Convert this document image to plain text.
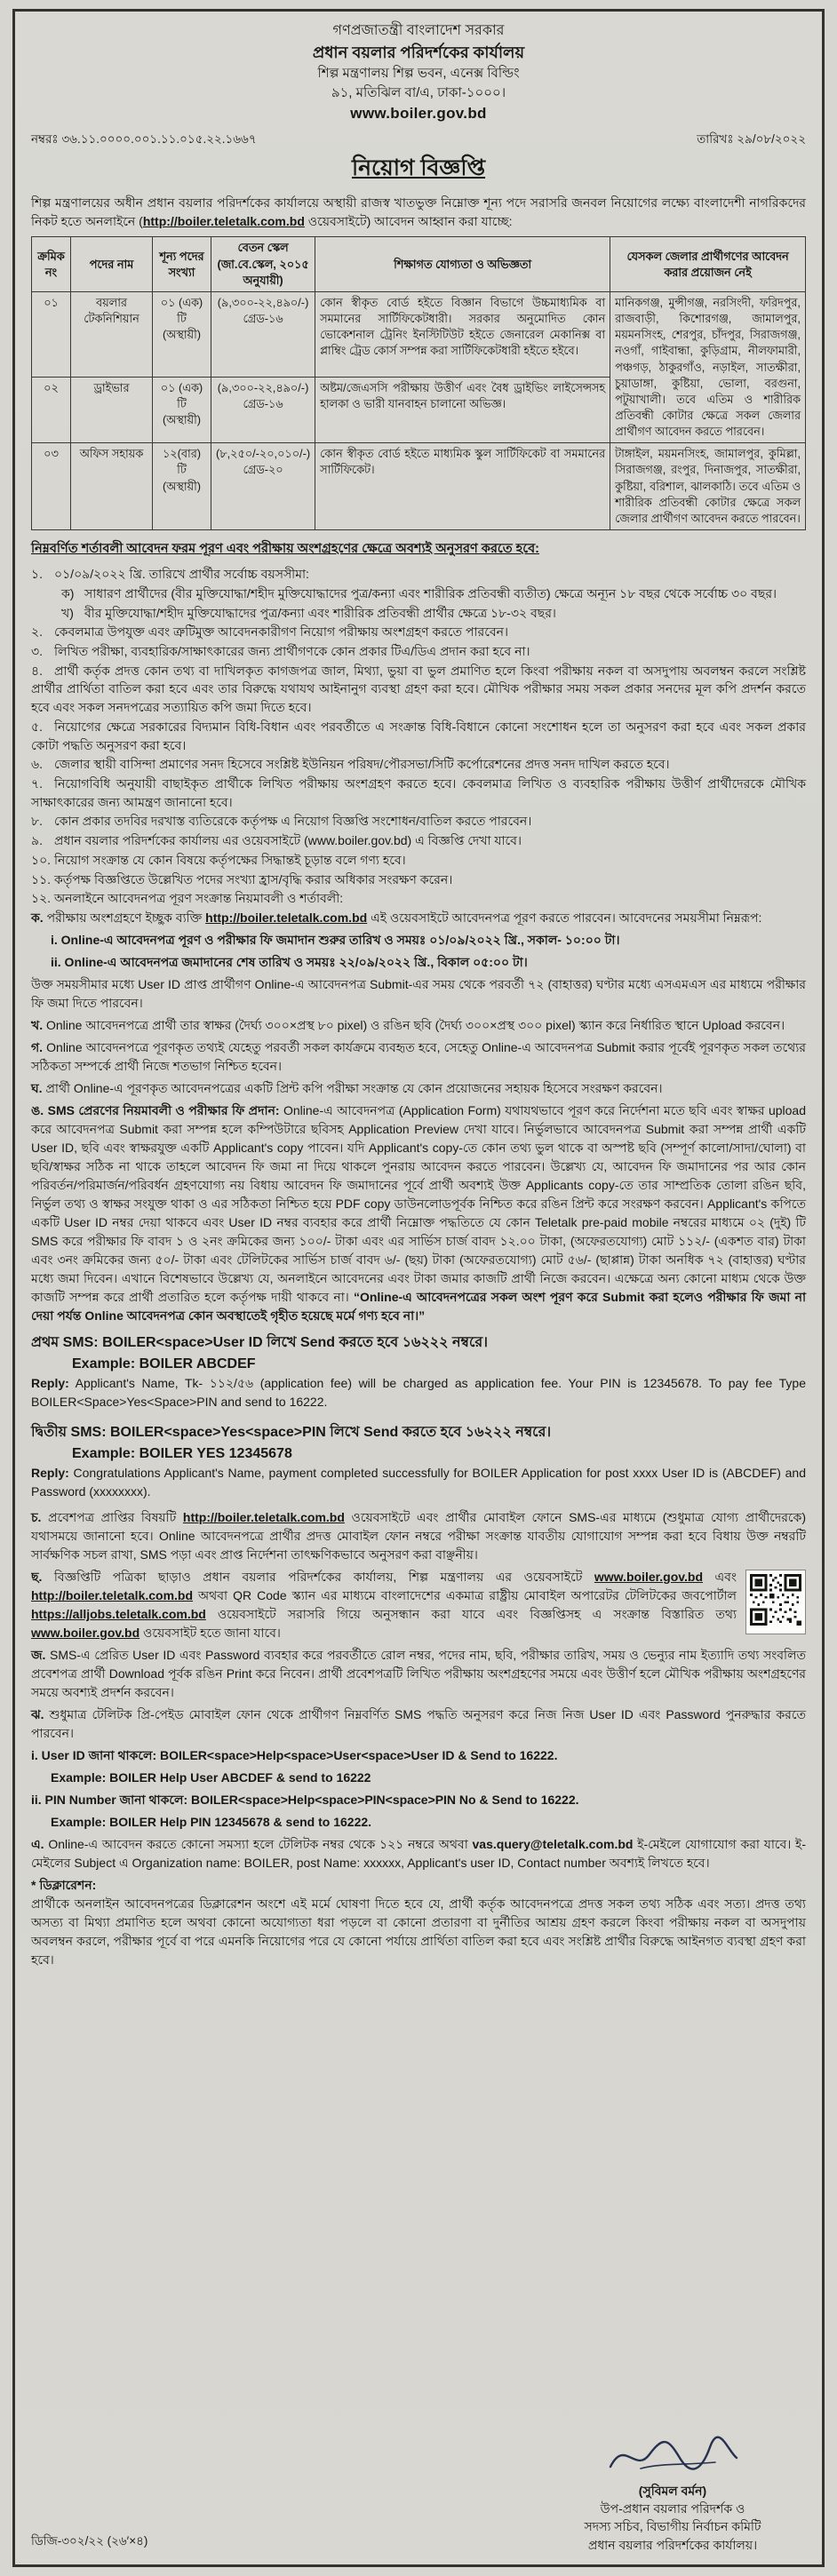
গণপ্রজাতন্ত্রী বাংলাদেশ সরকার
প্রধান বয়লার পরিদর্শকের কার্যালয়
শিল্প মন্ত্রণালয় শিল্প ভবন, এনেক্স বিল্ডিং
৯১, মতিঝিল বা/এ, ঢাকা-১০০০।
www.boiler.gov.bd
নম্বরঃ ৩৬.১১.০০০০.০০১.১১.০১৫.২২.১৬৬৭	তারিখঃ ২৯/০৮/২০২২
নিয়োগ বিজ্ঞপ্তি

শিল্প মন্ত্রণালয়ের অধীন প্রধান বয়লার পরিদর্শকের কার্যালয়ে অস্থায়ী রাজস্ব খাতভুক্ত নিম্নোক্ত শূন্য পদে সরাসরি জনবল নিয়োগের লক্ষ্যে বাংলাদেশী নাগরিকদের নিকট হতে অনলাইনে (http://boiler.teletalk.com.bd ওয়েবসাইটে) আবেদন আহ্বান করা যাচ্ছে:

ক্রমিক নং	পদের নাম	শূন্য পদের সংখ্যা	বেতন স্কেল (জা.বে.স্কেল, ২০১৫ অনুযায়ী)	শিক্ষাগত যোগ্যতা ও অভিজ্ঞতা	যেসকল জেলার প্রার্থীগণের আবেদন করার প্রয়োজন নেই
০১	বয়লার টেকনিশিয়ান	০১ (এক) টি (অস্থায়ী)	(৯,৩০০-২২,৪৯০/-) গ্রেড-১৬	কোন স্বীকৃত বোর্ড হইতে বিজ্ঞান বিভাগে উচ্চমাধ্যমিক বা সমমানের সার্টিফিকেটধারী। সরকার অনুমোদিত কোন ভোকেশনাল ট্রেনিং ইনস্টিটিউট হইতে জেনারেল মেকানিক্স বা প্লাম্বিং ট্রেড কোর্স সম্পন্ন করা সার্টিফিকেটধারী হইতে হইবে।	মানিকগঞ্জ, মুন্সীগঞ্জ, নরসিংদী, ফরিদপুর, রাজবাড়ী, কিশোরগঞ্জ, জামালপুর, ময়মনসিংহ, শেরপুর, চাঁদপুর, সিরাজগঞ্জ, নওগাঁ, গাইবান্ধা, কুড়িগ্রাম, নীলফামারী, পঞ্চগড়, ঠাকুরগাঁও, নড়াইল, সাতক্ষীরা, চুয়াডাঙ্গা, কুষ্টিয়া, ভোলা, বরগুনা, পটুয়াখালী। তবে এতিম ও শারীরিক প্রতিবন্ধী কোটার ক্ষেত্রে সকল জেলার প্রার্থীগণ আবেদন করতে পারবেন।
০২	ড্রাইভার	০১ (এক) টি (অস্থায়ী)	(৯,৩০০-২২,৪৯০/-) গ্রেড-১৬	অষ্টম/জেএসসি পরীক্ষায় উত্তীর্ণ এবং বৈধ ড্রাইভিং লাইসেন্সসহ হালকা ও ভারী যানবাহন চালানো অভিজ্ঞ।	
০৩	অফিস সহায়ক	১২(বার) টি (অস্থায়ী)	(৮,২৫০/-২০,০১০/-) গ্রেড-২০	কোন স্বীকৃত বোর্ড হইতে মাধ্যমিক স্কুল সার্টিফিকেট বা সমমানের সার্টিফিকেট।	টাঙ্গাইল, ময়মনসিংহ, জামালপুর, কুমিল্লা, সিরাজগঞ্জ, রংপুর, দিনাজপুর, সাতক্ষীরা, কুষ্টিয়া, বরিশাল, ঝালকাঠি। তবে এতিম ও শারীরিক প্রতিবন্ধী কোটার ক্ষেত্রে সকল জেলার প্রার্থীগণ আবেদন করতে পারবেন।
নিম্নবর্ণিত শর্তাবলী আবেদন ফরম পূরণ এবং পরীক্ষায় অংশগ্রহণের ক্ষেত্রে অবশ্যই অনুসরণ করতে হবে:
১. ০১/০৯/২০২২ খ্রি. তারিখে প্রার্থীর সর্বোচ্চ বয়সসীমা:
ক) সাধারণ প্রার্থীদের (বীর মুক্তিযোদ্ধা/শহীদ মুক্তিযোদ্ধাদের পুত্র/কন্যা এবং শারীরিক প্রতিবন্ধী ব্যতীত) ক্ষেত্রে অন্যূন ১৮ বছর থেকে সর্বোচ্চ ৩০ বছর।
খ) বীর মুক্তিযোদ্ধা/শহীদ মুক্তিযোদ্ধাদের পুত্র/কন্যা এবং শারীরিক প্রতিবন্ধী প্রার্থীর ক্ষেত্রে ১৮-৩২ বছর।
২. কেবলমাত্র উপযুক্ত এবং ত্রুটিমুক্ত আবেদনকারীগণ নিয়োগ পরীক্ষায় অংশগ্রহণ করতে পারবেন।
৩. লিখিত পরীক্ষা, ব্যবহারিক/সাক্ষাৎকারের জন্য প্রার্থীগণকে কোন প্রকার টিএ/ডিএ প্রদান করা হবে না।
৪. প্রার্থী কর্তৃক প্রদত্ত কোন তথ্য বা দাখিলকৃত কাগজপত্র জাল, মিথ্যা, ভুয়া বা ভুল প্রমাণিত হলে কিংবা পরীক্ষায় নকল বা অসদুপায় অবলম্বন করলে সংশ্লিষ্ট প্রার্থীর প্রার্থিতা বাতিল করা হবে এবং তার বিরুদ্ধে যথাযথ আইনানুগ ব্যবস্থা গ্রহণ করা হবে। মৌখিক পরীক্ষার সময় সকল প্রকার সনদের মূল কপি প্রদর্শন করতে হবে এবং সকল সনদপত্রের সত্যায়িত কপি জমা দিতে হবে।
৫. নিয়োগের ক্ষেত্রে সরকারের বিদ্যমান বিধি-বিধান এবং পরবর্তীতে এ সংক্রান্ত বিধি-বিধানে কোনো সংশোধন হলে তা অনুসরণ করা হবে এবং সকল প্রকার কোটা পদ্ধতি অনুসরণ করা হবে।
৬. জেলার স্থায়ী বাসিন্দা প্রমাণের সনদ হিসেবে সংশ্লিষ্ট ইউনিয়ন পরিষদ/পৌরসভা/সিটি কর্পোরেশনের প্রদত্ত সনদ দাখিল করতে হবে।
৭. নিয়োগবিধি অনুযায়ী বাছাইকৃত প্রার্থীকে লিখিত পরীক্ষায় অংশগ্রহণ করতে হবে। কেবলমাত্র লিখিত ও ব্যবহারিক পরীক্ষায় উত্তীর্ণ প্রার্থীদেরকে মৌখিক সাক্ষাৎকারের জন্য আমন্ত্রণ জানানো হবে।
৮. কোন প্রকার তদবির দরখাস্ত ব্যতিরেকে কর্তৃপক্ষ এ নিয়োগ বিজ্ঞপ্তি সংশোধন/বাতিল করতে পারবেন।
৯. প্রধান বয়লার পরিদর্শকের কার্যালয় এর ওয়েবসাইটে (www.boiler.gov.bd) এ বিজ্ঞপ্তি দেখা যাবে।
১০. নিয়োগ সংক্রান্ত যে কোন বিষয়ে কর্তৃপক্ষের সিদ্ধান্তই চূড়ান্ত বলে গণ্য হবে।
১১. কর্তৃপক্ষ বিজ্ঞপ্তিতে উল্লেখিত পদের সংখ্যা হ্রাস/বৃদ্ধি করার অধিকার সংরক্ষণ করেন।
১২. অনলাইনে আবেদনপত্র পূরণ সংক্রান্ত নিয়মাবলী ও শর্তাবলী:

ক. পরীক্ষায় অংশগ্রহণে ইচ্ছুক ব্যক্তি http://boiler.teletalk.com.bd এই ওয়েবসাইটে আবেদনপত্র পূরণ করতে পারবেন। আবেদনের সময়সীমা নিম্নরূপ:

i. Online-এ আবেদনপত্র পূরণ ও পরীক্ষার ফি জমাদান শুরুর তারিখ ও সময়ঃ ০১/০৯/২০২২ খ্রি., সকাল- ১০:০০ টা।

ii. Online-এ আবেদনপত্র জমাদানের শেষ তারিখ ও সময়ঃ ২২/০৯/২০২২ খ্রি., বিকাল ০৫:০০ টা।

উক্ত সময়সীমার মধ্যে User ID প্রাপ্ত প্রার্থীগণ Online-এ আবেদনপত্র Submit-এর সময় থেকে পরবর্তী ৭২ (বাহাত্তর) ঘণ্টার মধ্যে এসএমএস এর মাধ্যমে পরীক্ষার ফি জমা দিতে পারবেন।

খ. Online আবেদনপত্রে প্রার্থী তার স্বাক্ষর (দৈর্ঘ্য ৩০০×প্রস্থ ৮০ pixel) ও রঙিন ছবি (দৈর্ঘ্য ৩০০×প্রস্থ ৩০০ pixel) স্ক্যান করে নির্ধারিত স্থানে Upload করবেন।

গ. Online আবেদনপত্রে পূরণকৃত তথ্যই যেহেতু পরবর্তী সকল কার্যক্রমে ব্যবহৃত হবে, সেহেতু Online-এ আবেদনপত্র Submit করার পূর্বেই পূরণকৃত সকল তথ্যের সঠিকতা সম্পর্কে প্রার্থী নিজে শতভাগ নিশ্চিত হবেন।

ঘ. প্রার্থী Online-এ পূরণকৃত আবেদনপত্রের একটি প্রিন্ট কপি পরীক্ষা সংক্রান্ত যে কোন প্রয়োজনের সহায়ক হিসেবে সংরক্ষণ করবেন।

ঙ. SMS প্রেরণের নিয়মাবলী ও পরীক্ষার ফি প্রদান: Online-এ আবেদনপত্র (Application Form) যথাযথভাবে পূরণ করে নির্দেশনা মতে ছবি এবং স্বাক্ষর upload করে আবেদনপত্র Submit করা সম্পন্ন হলে কম্পিউটারে ছবিসহ Application Preview দেখা যাবে। নির্ভুলভাবে আবেদনপত্র Submit করা সম্পন্ন প্রার্থী একটি User ID, ছবি এবং স্বাক্ষরযুক্ত একটি Applicant's copy পাবেন। যদি Applicant's copy-তে কোন তথ্য ভুল থাকে বা অস্পষ্ট ছবি (সম্পূর্ণ কালো/সাদা/ঘোলা) বা ছবি/স্বাক্ষর সঠিক না থাকে তাহলে আবেদন ফি জমা না দিয়ে থাকলে পুনরায় আবেদন করতে পারবেন। উল্লেখ্য যে, আবেদন ফি জমাদানের পর আর কোন পরিবর্তন/পরিমার্জন/পরিবর্ধন গ্রহণযোগ্য নয় বিধায় আবেদন ফি জমাদানের পূর্বে প্রার্থী অবশ্যই উক্ত Applicants copy-তে তার সাম্প্রতিক তোলা রঙিন ছবি, নির্ভুল তথ্য ও স্বাক্ষর সংযুক্ত থাকা ও এর সঠিকতা নিশ্চিত হয়ে PDF copy ডাউনলোডপূর্বক নিশ্চিত করে রঙিন প্রিন্ট করে সংরক্ষণ করবেন। Applicant's কপিতে একটি User ID নম্বর দেয়া থাকবে এবং User ID নম্বর ব্যবহার করে প্রার্থী নিম্নোক্ত পদ্ধতিতে যে কোন Teletalk pre-paid mobile নম্বরের মাধ্যমে ০২ (দুই) টি SMS করে পরীক্ষার ফি বাবদ ১ ও ২নং ক্রমিকের জন্য ১০০/- টাকা এবং এর সার্ভিস চার্জ বাবদ ১২.০০ টাকা, (অফেরতযোগ্য) মোট ১১২/- (একশত বার) টাকা এবং ৩নং ক্রমিকের জন্য ৫০/- টাকা এবং টেলিটকের সার্ভিস চার্জ বাবদ ৬/- (ছয়) টাকা (অফেরতযোগ্য) মোট ৫৬/- (ছাপ্পান্ন) টাকা অনধিক ৭২ (বাহাত্তর) ঘণ্টার মধ্যে জমা দিবেন। এখানে বিশেষভাবে উল্লেখ্য যে, অনলাইনে আবেদনের এবং টাকা জমার কাজটি প্রার্থী নিজে করবেন। এক্ষেত্রে অন্য কোনো মাধ্যম থেকে উক্ত কাজটি সম্পন্ন করে প্রার্থী প্রতারিত হলে কর্তৃপক্ষ দায়ী থাকবে না। “Online-এ আবেদনপত্রের সকল অংশ পূরণ করে Submit করা হলেও পরীক্ষার ফি জমা না দেয়া পর্যন্ত Online আবেদনপত্র কোন অবস্থাতেই গৃহীত হয়েছে মর্মে গণ্য হবে না।”

প্রথম SMS: BOILER<space>User ID লিখে Send করতে হবে ১৬২২২ নম্বরে।
Example: BOILER ABCDEF

Reply: Applicant's Name, Tk- ১১২/৫৬ (application fee) will be charged as application fee. Your PIN is 12345678. To pay fee Type BOILER<Space>Yes<Space>PIN and send to 16222.

দ্বিতীয় SMS: BOILER<space>Yes<space>PIN লিখে Send করতে হবে ১৬২২২ নম্বরে।
Example: BOILER YES 12345678

Reply: Congratulations Applicant's Name, payment completed successfully for BOILER Application for post xxxx User ID is (ABCDEF) and Password (xxxxxxxx).

চ. প্রবেশপত্র প্রাপ্তির বিষয়টি http://boiler.teletalk.com.bd ওয়েবসাইটে এবং প্রার্থীর মোবাইল ফোনে SMS-এর মাধ্যমে (শুধুমাত্র যোগ্য প্রার্থীদেরকে) যথাসময়ে জানানো হবে। Online আবেদনপত্রে প্রার্থীর প্রদত্ত মোবাইল ফোন নম্বরে পরীক্ষা সংক্রান্ত যাবতীয় যোগাযোগ সম্পন্ন করা হবে বিধায় উক্ত নম্বরটি সার্বক্ষণিক সচল রাখা, SMS পড়া এবং প্রাপ্ত নির্দেশনা তাৎক্ষণিকভাবে অনুসরণ করা বাঞ্ছনীয়।

ছ. বিজ্ঞপ্তিটি পত্রিকা ছাড়াও প্রধান বয়লার পরিদর্শকের কার্যালয়, শিল্প মন্ত্রণালয় এর ওয়েবসাইটে www.boiler.gov.bd এবং http://boiler.teletalk.com.bd অথবা QR Code স্ক্যান এর মাধ্যমে বাংলাদেশের একমাত্র রাষ্ট্রীয় মোবাইল অপারেটর টেলিটকের জবপোর্টাল https://alljobs.teletalk.com.bd ওয়েবসাইটে সরাসরি গিয়ে অনুসন্ধান করা যাবে এবং বিজ্ঞপ্তিসহ এ সংক্রান্ত বিস্তারিত তথ্য www.boiler.gov.bd ওয়েবসাইট হতে জানা যাবে।

জ. SMS-এ প্রেরিত User ID এবং Password ব্যবহার করে পরবর্তীতে রোল নম্বর, পদের নাম, ছবি, পরীক্ষার তারিখ, সময় ও ভেন্যুর নাম ইত্যাদি তথ্য সংবলিত প্রবেশপত্র প্রার্থী Download পূর্বক রঙিন Print করে নিবেন। প্রার্থী প্রবেশপত্রটি লিখিত পরীক্ষায় অংশগ্রহণের সময়ে এবং উত্তীর্ণ হলে মৌখিক পরীক্ষায় অংশগ্রহণের সময়ে অবশ্যই প্রদর্শন করবেন।

ঝ. শুধুমাত্র টেলিটক প্রি-পেইড মোবাইল ফোন থেকে প্রার্থীগণ নিম্নবর্ণিত SMS পদ্ধতি অনুসরণ করে নিজ নিজ User ID এবং Password পুনরুদ্ধার করতে পারবেন।

i. User ID জানা থাকলে: BOILER<space>Help<space>User<space>User ID & Send to 16222.

Example: BOILER Help User ABCDEF & send to 16222

ii. PIN Number জানা থাকলে: BOILER<space>Help<space>PIN<space>PIN No & Send to 16222.

Example: BOILER Help PIN 12345678 & send to 16222.

এ. Online-এ আবেদন করতে কোনো সমস্যা হলে টেলিটক নম্বর থেকে ১২১ নম্বরে অথবা vas.query@teletalk.com.bd ই-মেইলে যোগাযোগ করা যাবে। ই-মেইলের Subject এ Organization name: BOILER, post Name: xxxxxx, Applicant's user ID, Contact number অবশ্যই লিখতে হবে।

* ডিক্লারেশন:
প্রার্থীকে অনলাইন আবেদনপত্রের ডিক্লারেশন অংশে এই মর্মে ঘোষণা দিতে হবে যে, প্রার্থী কর্তৃক আবেদনপত্রে প্রদত্ত সকল তথ্য সঠিক এবং সত্য। প্রদত্ত তথ্য অসত্য বা মিথ্যা প্রমাণিত হলে অথবা কোনো অযোগ্যতা ধরা পড়লে বা কোনো প্রতারণা বা দুর্নীতির আশ্রয় গ্রহণ করলে কিংবা পরীক্ষায় নকল বা অসদুপায় অবলম্বন করলে, পরীক্ষার পূর্বে বা পরে এমনকি নিয়োগের পরে যে কোনো পর্যায়ে প্রার্থিতা বাতিল করা হবে এবং সংশ্লিষ্ট প্রার্থীর বিরুদ্ধে আইনগত ব্যবস্থা গ্রহণ করা হবে।

ডিজি-৩০২/২২ (২৬′×৪)
(সুবিমল বর্মন)
উপ-প্রধান বয়লার পরিদর্শক ও
সদস্য সচিব, বিভাগীয় নির্বাচন কমিটি
প্রধান বয়লার পরিদর্শকের কার্যালয়।
